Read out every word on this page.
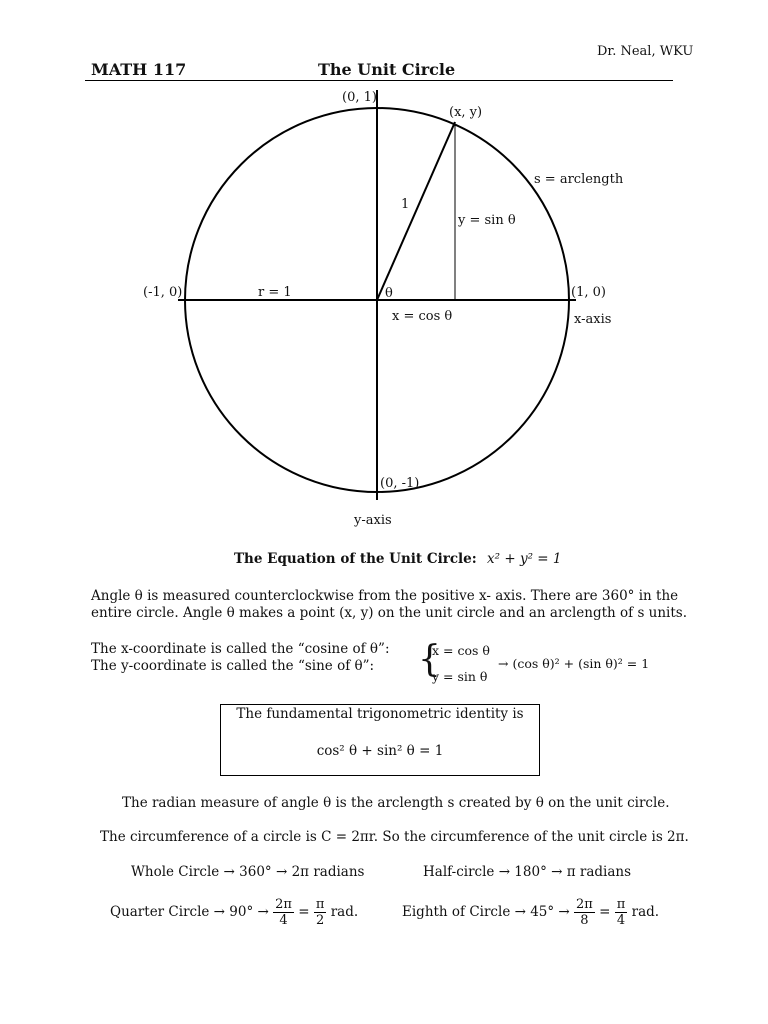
Dr. Neal, WKU
MATH 117	The Unit Circle
(0, 1)
(0, -1)
(-1, 0)	(1, 0)
(x, y)
s = arclength
1
y = sin θ
r = 1	θ
x = cos θ	x-axis
y-axis
The Equation of the Unit Circle: x² + y² = 1
Angle θ is measured counterclockwise from the positive x- axis. There are 360° in the
entire circle. Angle θ makes a point (x, y) on the unit circle and an arclength of s units.
The x-coordinate is called the “cosine of θ”:
The y-coordinate is called the “sine of θ”: {
x = cos θ
y = sin θ
→ (cos θ)² + (sin θ)² = 1
The fundamental trigonometric identity is
cos² θ + sin² θ = 1
The radian measure of angle θ is the arclength s created by θ on the unit circle.
The circumference of a circle is C = 2πr. So the circumference of the unit circle is 2π.
Whole Circle → 360° → 2π radians	Half-circle → 180° → π radians
Quarter Circle → $90^\circ \to \frac{2\pi}{4} = \frac{\pi}{2}$ rad.	Eighth of Circle → $45^\circ \to \frac{2\pi}{8} = \frac{\pi}{4}$ rad.
